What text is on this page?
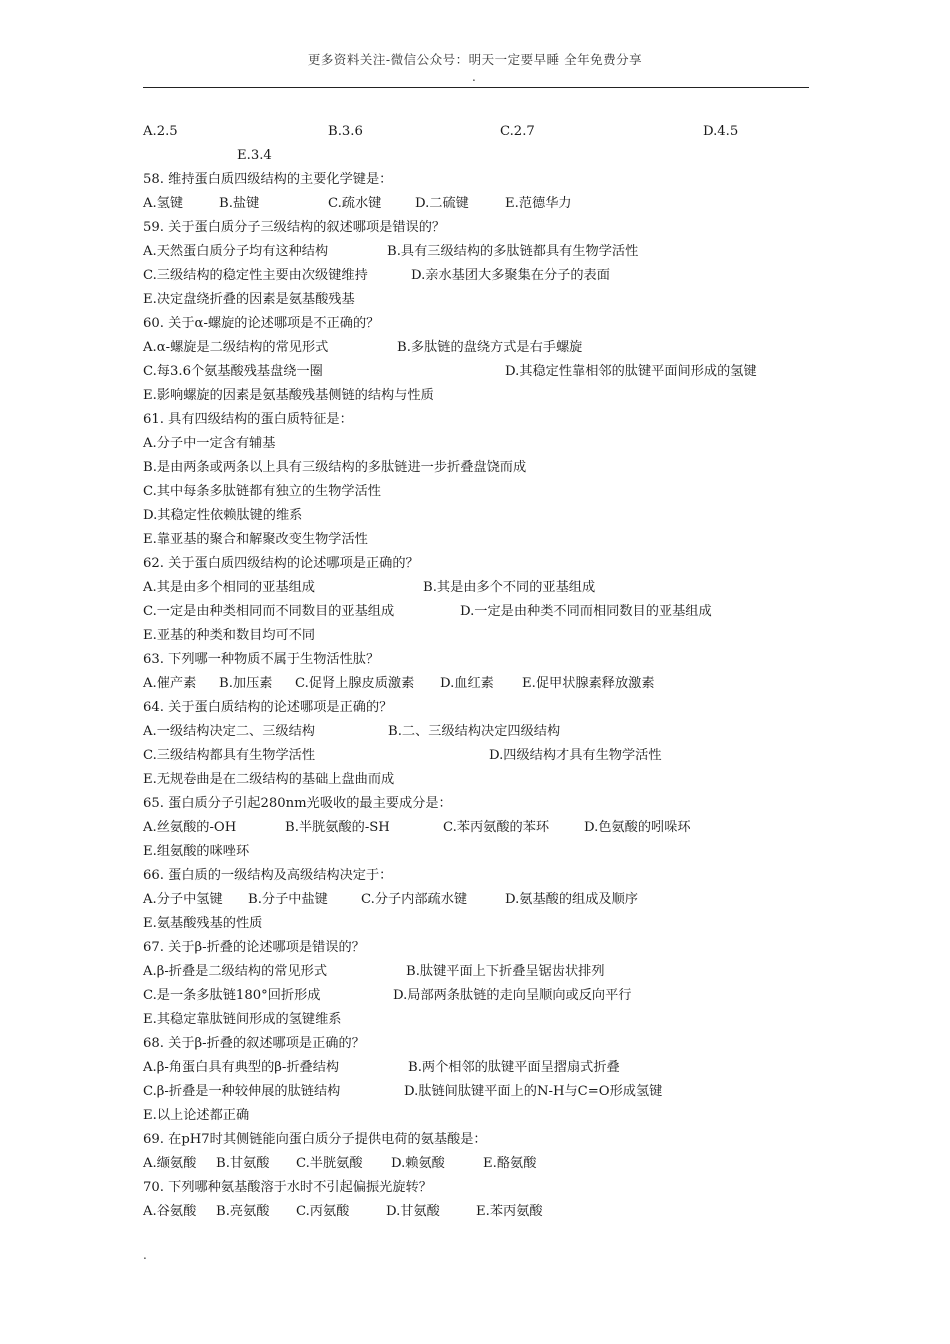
更多资料关注-微信公众号：明天一定要早睡 全年免费分享
.
A.2.5	B.3.6	C.2.7	D.4.5
E.3.4
58. 维持蛋白质四级结构的主要化学键是：
A.氢键	B.盐键	C.疏水键	D.二硫键	E.范德华力
59. 关于蛋白质分子三级结构的叙述哪项是错误的？
A.天然蛋白质分子均有这种结构	B.具有三级结构的多肽链都具有生物学活性
C.三级结构的稳定性主要由次级键维持	D.亲水基团大多聚集在分子的表面
E.决定盘绕折叠的因素是氨基酸残基
60. 关于α-螺旋的论述哪项是不正确的？
A.α-螺旋是二级结构的常见形式	B.多肽链的盘绕方式是右手螺旋
C.每3.6个氨基酸残基盘绕一圈	D.其稳定性靠相邻的肽键平面间形成的氢键
E.影响螺旋的因素是氨基酸残基侧链的结构与性质
61. 具有四级结构的蛋白质特征是：
A.分子中一定含有辅基
B.是由两条或两条以上具有三级结构的多肽链进一步折叠盘饶而成
C.其中每条多肽链都有独立的生物学活性
D.其稳定性依赖肽键的维系
E.靠亚基的聚合和解聚改变生物学活性
62. 关于蛋白质四级结构的论述哪项是正确的？
A.其是由多个相同的亚基组成	B.其是由多个不同的亚基组成
C.一定是由种类相同而不同数目的亚基组成	D.一定是由种类不同而相同数目的亚基组成
E.亚基的种类和数目均可不同
63. 下列哪一种物质不属于生物活性肽？
A.催产素 B.加压素 C.促肾上腺皮质激素 D.血红素 E.促甲状腺素释放激素
64. 关于蛋白质结构的论述哪项是正确的？
A.一级结构决定二、三级结构	B.二、三级结构决定四级结构
C.三级结构都具有生物学活性	D.四级结构才具有生物学活性
E.无规卷曲是在二级结构的基础上盘曲而成
65. 蛋白质分子引起280nm光吸收的最主要成分是：
A.丝氨酸的-OH	B.半胱氨酸的-SH	C.苯丙氨酸的苯环	D.色氨酸的吲哚环
E.组氨酸的咪唑环
66. 蛋白质的一级结构及高级结构决定于：
A.分子中氢键 B.分子中盐键	C.分子内部疏水键	D.氨基酸的组成及顺序
E.氨基酸残基的性质
67. 关于β-折叠的论述哪项是错误的？
A.β-折叠是二级结构的常见形式	B.肽键平面上下折叠呈锯齿状排列
C.是一条多肽链180°回折形成	D.局部两条肽链的走向呈顺向或反向平行
E.其稳定靠肽链间形成的氢键维系
68. 关于β-折叠的叙述哪项是正确的？
A.β-角蛋白具有典型的β-折叠结构	B.两个相邻的肽键平面呈摺扇式折叠
C.β-折叠是一种较伸展的肽链结构	D.肽链间肽键平面上的N-H与C=O形成氢键
E.以上论述都正确
69. 在pH7时其侧链能向蛋白质分子提供电荷的氨基酸是：
A.缬氨酸 B.甘氨酸 C.半胱氨酸 D.赖氨酸	E.酪氨酸
70. 下列哪种氨基酸溶于水时不引起偏振光旋转？
A.谷氨酸 B.亮氨酸 C.丙氨酸	D.甘氨酸	E.苯丙氨酸
.
